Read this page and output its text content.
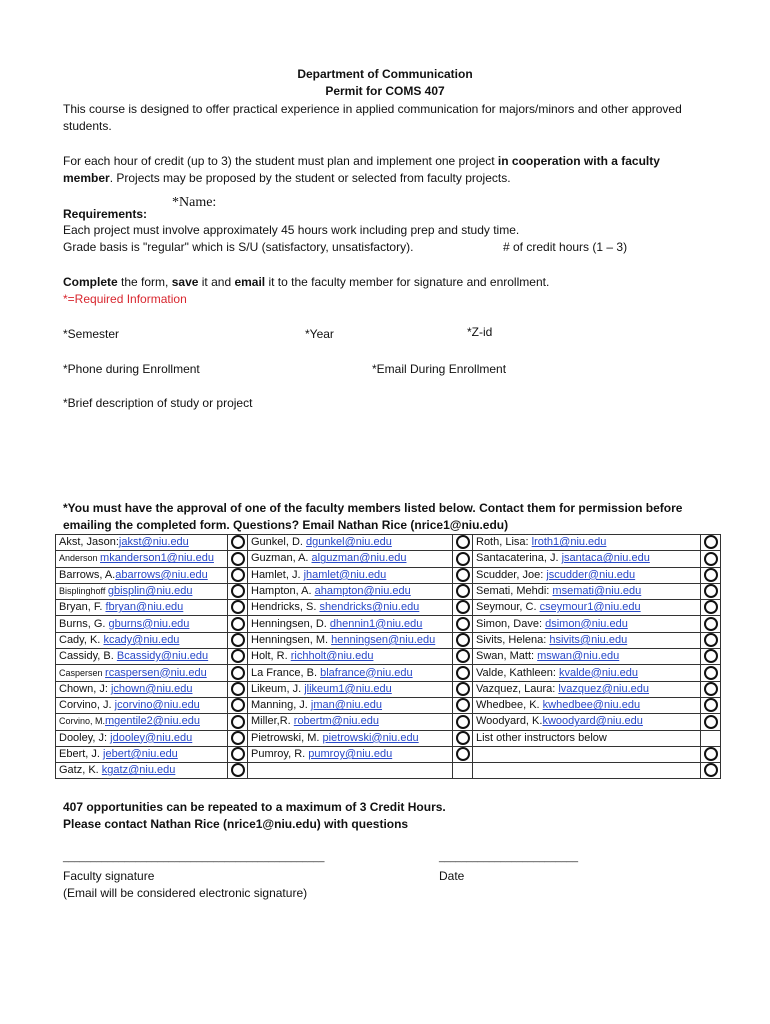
Department of Communication
Permit for COMS 407
This course is designed to offer practical experience in applied communication for majors/minors and other approved students.
For each hour of credit (up to 3) the student must plan and implement one project in cooperation with a faculty member. Projects may be proposed by the student or selected from faculty projects.
*Name:
Requirements:
Each project must involve approximately 45 hours work including prep and study time.
Grade basis is "regular" which is S/U (satisfactory, unsatisfactory).	# of credit hours (1 – 3)
Complete the form, save it and email it to the faculty member for signature and enrollment.
*=Required Information
*Semester	*Year	*Z-id
*Phone during Enrollment	*Email During Enrollment
*Brief description of study or project
*You must have the approval of one of the faculty members listed below. Contact them for permission before
emailing the completed form. Questions? Email Nathan Rice (nrice1@niu.edu)
Akst, Jason:jakst@niu.edu		Gunkel, D. dgunkel@niu.edu		Roth, Lisa: lroth1@niu.edu	
Anderson mkanderson1@niu.edu		Guzman, A. alguzman@niu.edu		Santacaterina, J. jsantaca@niu.edu	
Barrows, A.abarrows@niu.edu		Hamlet, J. jhamlet@niu.edu		Scudder, Joe: jscudder@niu.edu	
Bisplinghoff gbisplin@niu.edu		Hampton, A. ahampton@niu.edu		Semati, Mehdi: msemati@niu.edu	
Bryan, F. fbryan@niu.edu		Hendricks, S. shendricks@niu.edu		Seymour, C. cseymour1@niu.edu	
Burns, G. gburns@niu.edu		Henningsen, D. dhennin1@niu.edu		Simon, Dave: dsimon@niu.edu	
Cady, K. kcady@niu.edu		Henningsen, M. henningsen@niu.edu		Sivits, Helena: hsivits@niu.edu	
Cassidy, B. Bcassidy@niu.edu		Holt, R. richholt@niu.edu		Swan, Matt: mswan@niu.edu	
Caspersen rcaspersen@niu.edu		La France, B. blafrance@niu.edu		Valde, Kathleen: kvalde@niu.edu	
Chown, J: jchown@niu.edu		Likeum, J. jlikeum1@niu.edu		Vazquez, Laura: lvazquez@niu.edu	
Corvino, J. jcorvino@niu.edu		Manning, J. jman@niu.edu		Whedbee, K. kwhedbee@niu.edu	
Corvino, M.mgentile2@niu.edu		Miller,R. robertm@niu.edu		Woodyard, K.kwoodyard@niu.edu	
Dooley, J: jdooley@niu.edu		Pietrowski, M. pietrowski@niu.edu		List other instructors below	
Ebert, J. jebert@niu.edu		Pumroy, R. pumroy@niu.edu			
Gatz, K. kgatz@niu.edu					
407 opportunities can be repeated to a maximum of 3 Credit Hours.
Please contact Nathan Rice (nrice1@niu.edu) with questions
_______________________________________________	_________________________
Faculty signature	Date
(Email will be considered electronic signature)
